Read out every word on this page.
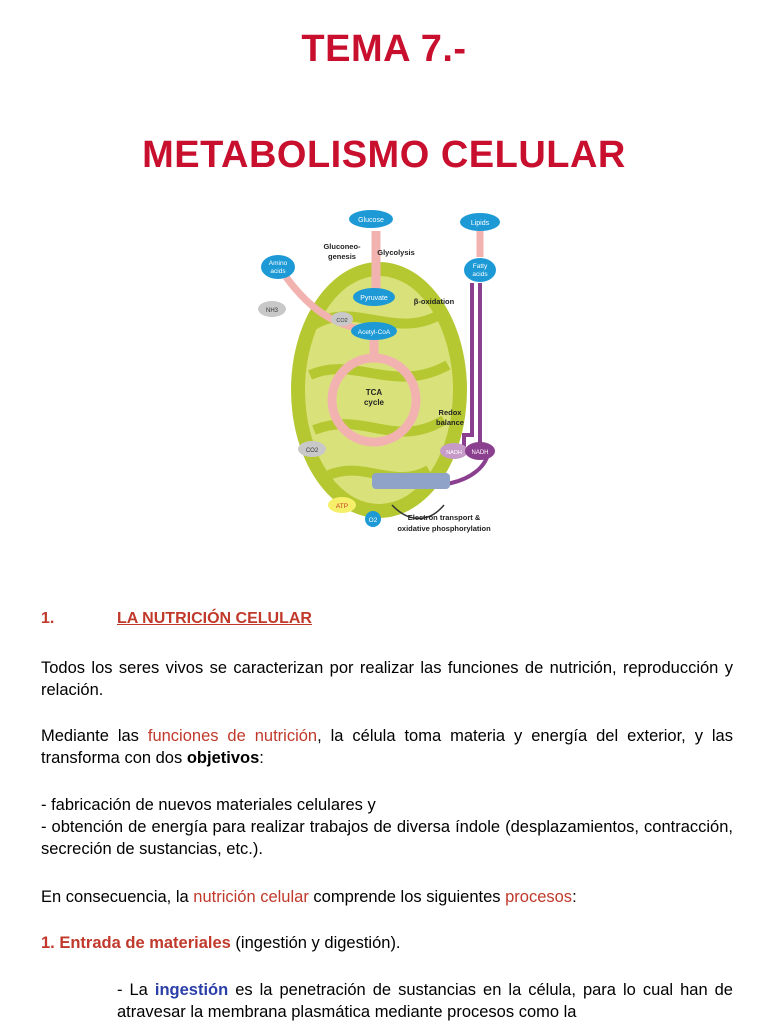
TEMA 7.-
METABOLISMO CELULAR
Glucose	Lipids
Amino
acids
Fatty
acids
Pyruvate
Acetyl-CoA
O2
NH3
CO2
CO2
ATP
NADH NADH
Gluconeo-
genesis	Glycolysis
β-oxidation
TCA
cycle
Redox
balance
Electron transport &
oxidative phosphorylation
1.	LA NUTRICIÓN CELULAR
Todos los seres vivos se caracterizan por realizar las funciones de nutrición, reproducción y relación.
Mediante las funciones de nutrición, la célula toma materia y energía del exterior, y las transforma con dos objetivos:
- fabricación de nuevos materiales celulares y
- obtención de energía para realizar trabajos de diversa índole (desplazamientos, contracción, secreción de sustancias, etc.).
En consecuencia, la nutrición celular comprende los siguientes procesos:
1. Entrada de materiales (ingestión y digestión).
- La ingestión es la penetración de sustancias en la célula, para lo cual han de atravesar la membrana plasmática mediante procesos como la
